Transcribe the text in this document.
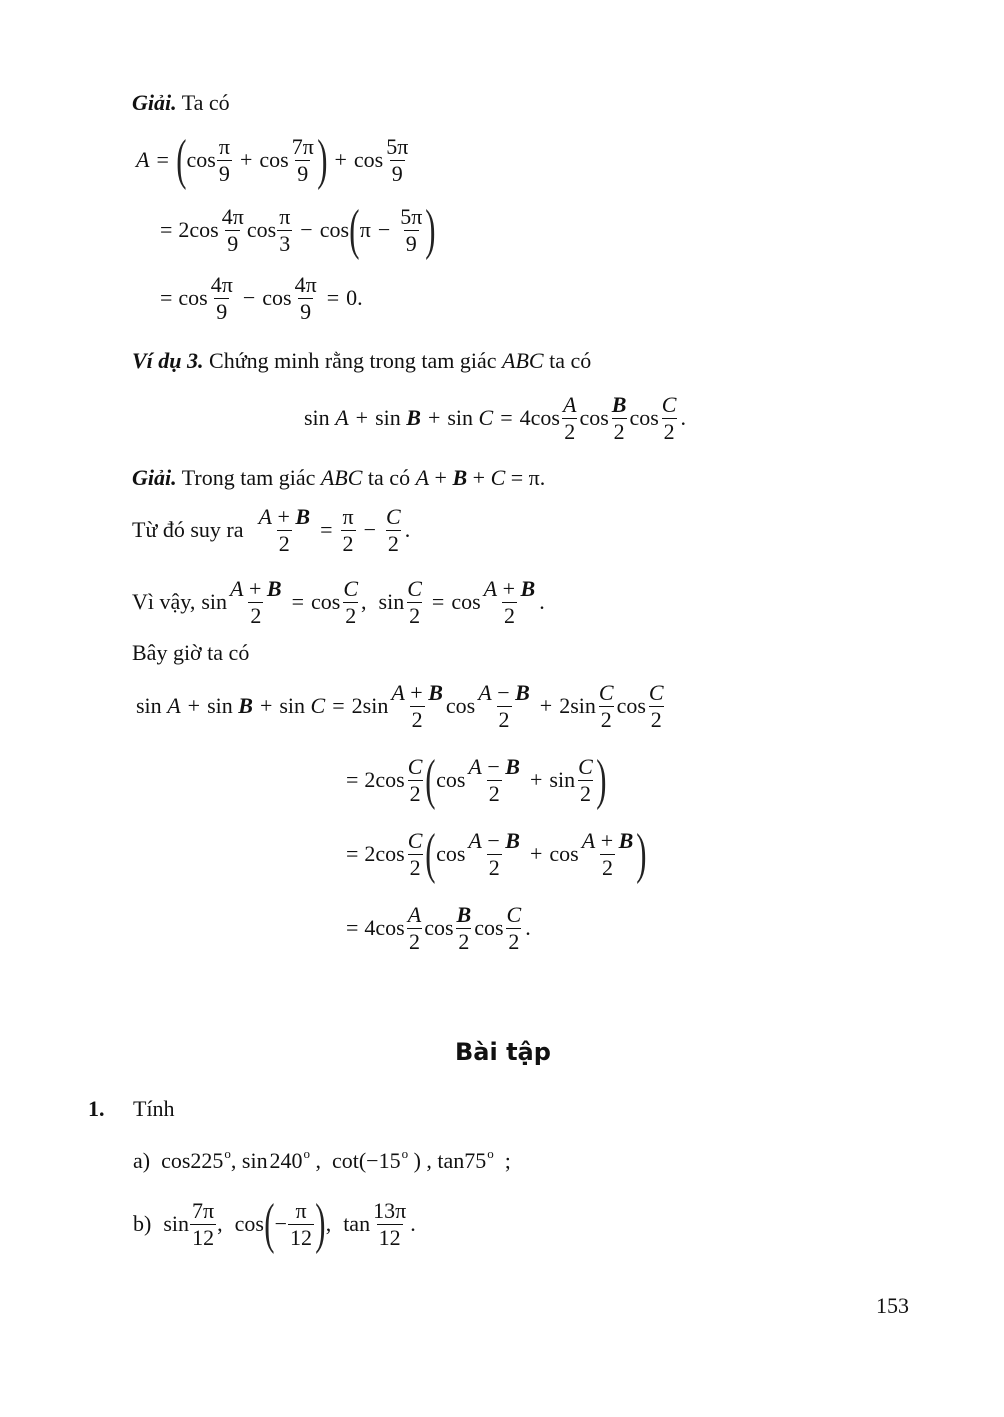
Giải. Ta có
A = ( $\cos \frac{\pi}{9} + \cos \frac{7\pi}{9}$ ) + $\cos \frac{5\pi}{9}$
= 2 $\cos \frac{4\pi}{9}$ $\cos \frac{\pi}{3} - \cos$ ( $\pi - \frac{5\pi}{9}$ )
= $\cos \frac{4\pi}{9} - \cos \frac{4\pi}{9} = 0$.
Ví dụ 3. Chứng minh rằng trong tam giác ABC ta có
sin
A + sin
B + sin
C = 4 $\cos \frac{A}{2}$ $\cos \frac{B}{2}$ $\cos \frac{C}{2}$ .
Giải. Trong tam giác ABC ta có A + B + C = π.
Từ đó suy ra $\frac{A + B}{2} = \frac{\pi}{2} - \frac{C}{2}$ .
Vì vậy, $\sin \frac{A + B}{2} = \cos \frac{C}{2}$ , $\sin \frac{C}{2} = \cos \frac{A + B}{2}$ .
Bây giờ ta có
sin
A + sin
B + sin
C = 2 $\sin \frac{A + B}{2}$ $\cos \frac{A - B}{2} + 2$ $\sin \frac{C}{2}$ $\cos \frac{C}{2}$
= 2 $\cos \frac{C}{2}$ ( $\cos \frac{A - B}{2} + \sin \frac{C}{2}$ )
= 2 $\cos \frac{C}{2}$ ( $\cos \frac{A - B}{2} + \cos \frac{A + B}{2}$ )
= 4 $\cos \frac{A}{2}$ $\cos \frac{B}{2}$ $\cos \frac{C}{2}$ .
Bài tập
1. Tính
a) cos225$^o$, sin 240$^o$ , $\cot(-15^o$ ) , tan75$^o$ ;
b) $\sin \frac{7\pi}{12}$ , cos ( − $\frac{\pi}{12}$ ) , $\tan \frac{13\pi}{12}$ .
153
